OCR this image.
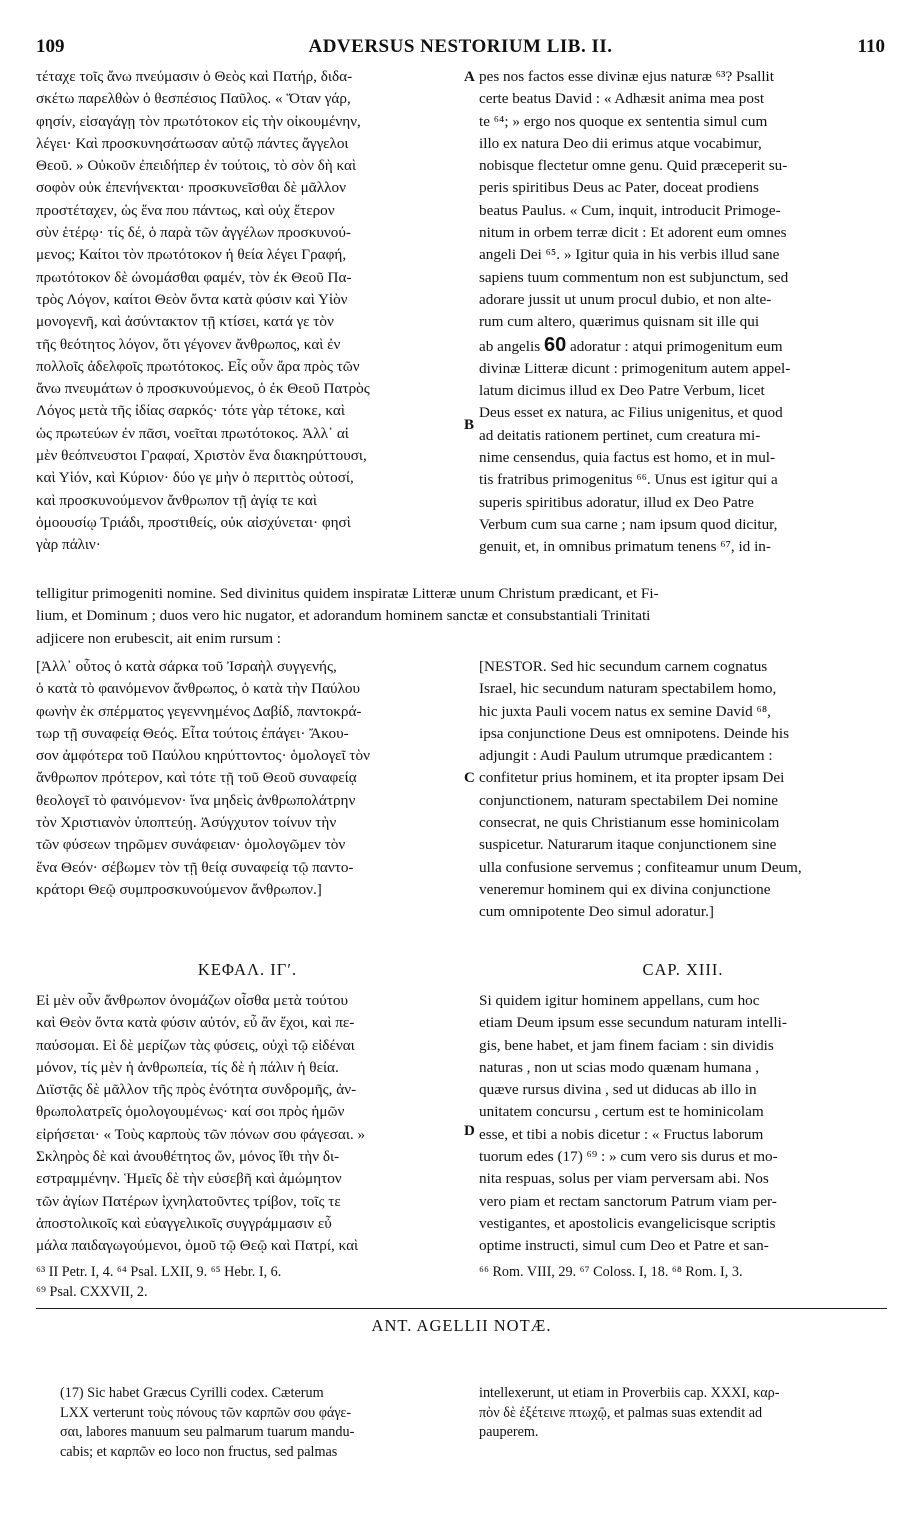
109	ADVERSUS NESTORIUM LIB. II.	110
τέταχε τοῖς ἄνω πνεύμασιν ὁ Θεὸς καὶ Πατήρ, διδα-
σκέτω παρελθὼν ὁ θεσπέσιος Παῦλος. « Ὅταν γάρ,
φησίν, εἰσαγάγῃ τὸν πρωτότοκον εἰς τὴν οἰκουμένην,
λέγει· Καὶ προσκυνησάτωσαν αὐτῷ πάντες ἄγγελοι
Θεοῦ. » Οὐκοῦν ἐπειδήπερ ἐν τούτοις, τὸ σὸν δὴ καὶ
σοφὸν οὐκ ἐπενήνεκται· προσκυνεῖσθαι δὲ μᾶλλον
προστέταχεν, ὡς ἕνα που πάντως, καὶ οὐχ ἕτερον
σὺν ἑτέρῳ· τίς δέ, ὁ παρὰ τῶν ἀγγέλων προσκυνού-
μενος; Καίτοι τὸν πρωτότοκον ἡ θεία λέγει Γραφή,
πρωτότοκον δὲ ὠνομάσθαι φαμέν, τὸν ἐκ Θεοῦ Πα-
τρὸς Λόγον, καίτοι Θεὸν ὄντα κατὰ φύσιν καὶ Υἱὸν
μονογενῆ, καὶ ἀσύντακτον τῇ κτίσει, κατά γε τὸν
τῆς θεότητος λόγον, ὅτι γέγονεν ἄνθρωπος, καὶ ἐν
πολλοῖς ἀδελφοῖς πρωτότοκος. Εἷς οὖν ἄρα πρὸς τῶν
ἄνω πνευμάτων ὁ προσκυνούμενος, ὁ ἐκ Θεοῦ Πατρὸς
Λόγος μετὰ τῆς ἰδίας σαρκός· τότε γὰρ τέτοκε, καὶ
ὡς πρωτεύων ἐν πᾶσι, νοεῖται πρωτότοκος. Ἀλλ᾽ αἱ
μὲν θεόπνευστοι Γραφαί, Χριστὸν ἕνα διακηρύττουσι,
καὶ Υἱόν, καὶ Κύριον· δύο γε μὴν ὁ περιττὸς οὑτοσί,
καὶ προσκυνούμενον ἄνθρωπον τῇ ἁγίᾳ τε καὶ
ὁμοουσίῳ Τριάδι, προστιθείς, οὐκ αἰσχύνεται· φησὶ
γὰρ πάλιν·
pes nos factos esse divinæ ejus naturæ ⁶³? Psallit
certe beatus David : « Adhæsit anima mea post
te ⁶⁴; » ergo nos quoque ex sententia simul cum
illo ex natura Deo dii erimus atque vocabimur,
nobisque flectetur omne genu. Quid præceperit su-
peris spiritibus Deus ac Pater, doceat prodiens
beatus Paulus. « Cum, inquit, introducit Primoge-
nitum in orbem terræ dicit : Et adorent eum omnes
angeli Dei ⁶⁵. » Igitur quia in his verbis illud sane
sapiens tuum commentum non est subjunctum, sed
adorare jussit ut unum procul dubio, et non alte-
rum cum altero, quærimus quisnam sit ille qui
ab angelis 60 adoratur : atqui primogenitum eum
divinæ Litteræ dicunt : primogenitum autem appel-
latum dicimus illud ex Deo Patre Verbum, licet
Deus esset ex natura, ac Filius unigenitus, et quod
ad deitatis rationem pertinet, cum creatura mi-
nime censendus, quia factus est homo, et in mul-
tis fratribus primogenitus ⁶⁶. Unus est igitur qui a
superis spiritibus adoratur, illud ex Deo Patre
Verbum cum sua carne ; nam ipsum quod dicitur,
genuit, et, in omnibus primatum tenens ⁶⁷, id in-
A
B
C
D
telligitur primogeniti nomine. Sed divinitus quidem inspiratæ Litteræ unum Christum prædicant, et Fi-
lium, et Dominum ; duos vero hic nugator, et adorandum hominem sanctæ et consubstantiali Trinitati
adjicere non erubescit, ait enim rursum :
[Ἀλλ᾽ οὗτος ὁ κατὰ σάρκα τοῦ Ἰσραὴλ συγγενής,
ὁ κατὰ τὸ φαινόμενον ἄνθρωπος, ὁ κατὰ τὴν Παύλου
φωνὴν ἐκ σπέρματος γεγεννημένος Δαβίδ, παντοκρά-
τωρ τῇ συναφείᾳ Θεός. Εἶτα τούτοις ἐπάγει· Ἄκου-
σον ἀμφότερα τοῦ Παύλου κηρύττοντος· ὁμολογεῖ τὸν
ἄνθρωπον πρότερον, καὶ τότε τῇ τοῦ Θεοῦ συναφείᾳ
θεολογεῖ τὸ φαινόμενον· ἵνα μηδεὶς ἀνθρωπολάτρην
τὸν Χριστιανὸν ὑποπτεύῃ. Ἀσύγχυτον τοίνυν τὴν
τῶν φύσεων τηρῶμεν συνάφειαν· ὁμολογῶμεν τὸν
ἕνα Θεόν· σέβωμεν τὸν τῇ θείᾳ συναφείᾳ τῷ παντο-
κράτορι Θεῷ συμπροσκυνούμενον ἄνθρωπον.]
[NESTOR. Sed hic secundum carnem cognatus
Israel, hic secundum naturam spectabilem homo,
hic juxta Pauli vocem natus ex semine David ⁶⁸,
ipsa conjunctione Deus est omnipotens. Deinde his
adjungit : Audi Paulum utrumque prædicantem :
confitetur prius hominem, et ita propter ipsam Dei
conjunctionem, naturam spectabilem Dei nomine
consecrat, ne quis Christianum esse hominicolam
suspicetur. Naturarum itaque conjunctionem sine
ulla confusione servemus ; confiteamur unum Deum,
veneremur hominem qui ex divina conjunctione
cum omnipotente Deo simul adoratur.]
ΚΕΦΑΛ. ΙΓʹ.	CAP. XIII.
Εἰ μὲν οὖν ἄνθρωπον ὀνομάζων οἶσθα μετὰ τούτου
καὶ Θεὸν ὄντα κατὰ φύσιν αὐτόν, εὖ ἂν ἔχοι, καὶ πε-
παύσομαι. Εἰ δὲ μερίζων τὰς φύσεις, οὐχὶ τῷ εἰδέναι
μόνον, τίς μὲν ἡ ἀνθρωπεία, τίς δὲ ἡ πάλιν ἡ θεία.
Διϊστᾷς δὲ μᾶλλον τῆς πρὸς ἑνότητα συνδρομῆς, ἀν-
θρωπολατρεῖς ὁμολογουμένως· καί σοι πρὸς ἡμῶν
εἰρήσεται· « Τοὺς καρποὺς τῶν πόνων σου φάγεσαι. »
Σκληρὸς δὲ καὶ ἀνουθέτητος ὤν, μόνος ἴθι τὴν δι-
εστραμμένην. Ἡμεῖς δὲ τὴν εὐσεβῆ καὶ ἀμώμητον
τῶν ἁγίων Πατέρων ἰχνηλατοῦντες τρίβον, τοῖς τε
ἀποστολικοῖς καὶ εὐαγγελικοῖς συγγράμμασιν εὖ
μάλα παιδαγωγούμενοι, ὁμοῦ τῷ Θεῷ καὶ Πατρί, καὶ
Si quidem igitur hominem appellans, cum hoc
etiam Deum ipsum esse secundum naturam intelli-
gis, bene habet, et jam finem faciam : sin dividis
naturas , non ut scias modo quænam humana ,
quæve rursus divina , sed ut diducas ab illo in
unitatem concursu , certum est te hominicolam
esse, et tibi a nobis dicetur : « Fructus laborum
tuorum edes (17) ⁶⁹ : » cum vero sis durus et mo-
nita respuas, solus per viam perversam abi. Nos
vero piam et rectam sanctorum Patrum viam per-
vestigantes, et apostolicis evangelicisque scriptis
optime instructi, simul cum Deo et Patre et san-
⁶³ II Petr. I, 4. ⁶⁴ Psal. LXII, 9. ⁶⁵ Hebr. I, 6.
⁶⁹ Psal. CXXVII, 2.
⁶⁶ Rom. VIII, 29. ⁶⁷ Coloss. I, 18. ⁶⁸ Rom. I, 3.
ANT. AGELLII NOTÆ.
(17) Sic habet Græcus Cyrilli codex. Cæterum
LXX verterunt τοὺς πόνους τῶν καρπῶν σου φάγε-
σαι, labores manuum seu palmarum tuarum mandu-
cabis; et καρπῶν eo loco non fructus, sed palmas
intellexerunt, ut etiam in Proverbiis cap. XXXI, καρ-
πὸν δὲ ἐξέτεινε πτωχῷ, et palmas suas extendit ad
pauperem.
